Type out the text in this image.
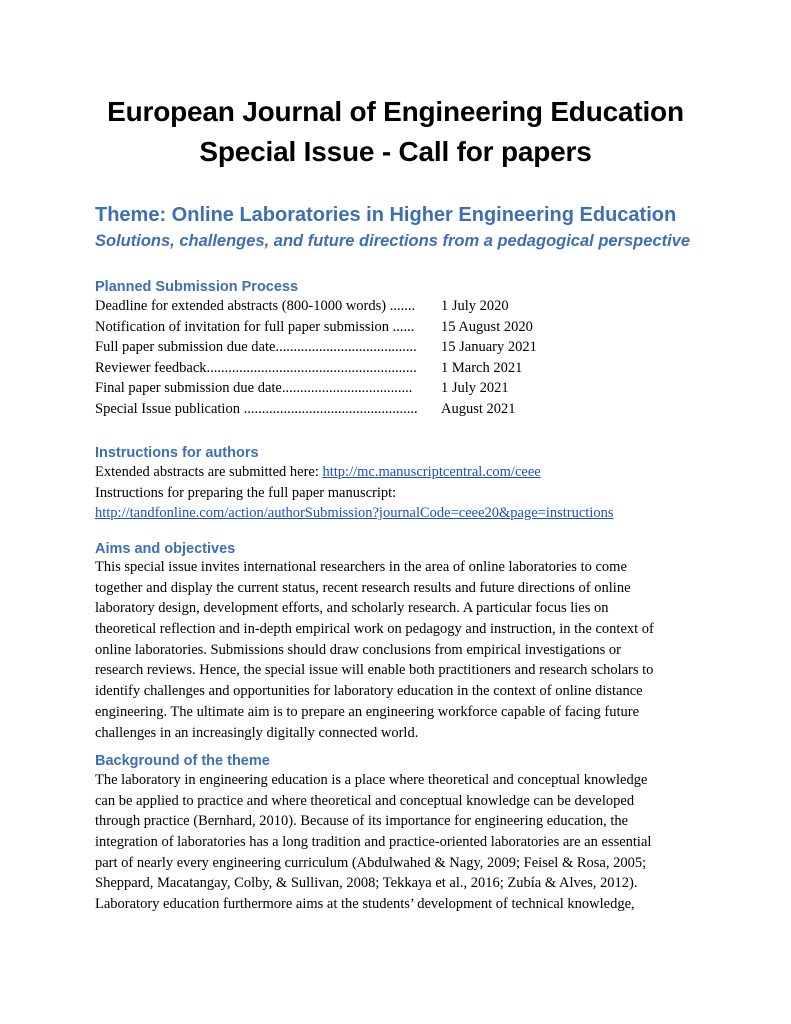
European Journal of Engineering Education
Special Issue - Call for papers
Theme: Online Laboratories in Higher Engineering Education
Solutions, challenges, and future directions from a pedagogical perspective
Planned Submission Process
Deadline for extended abstracts (800-1000 words) ....... 1 July 2020
Notification of invitation for full paper submission ...... 15 August 2020
Full paper submission due date....................................... 15 January 2021
Reviewer feedback.......................................................... 1 March 2021
Final paper submission due date.................................... 1 July 2021
Special Issue publication ................................................ August 2021
Instructions for authors
Extended abstracts are submitted here: http://mc.manuscriptcentral.com/ceee
Instructions for preparing the full paper manuscript:
http://tandfonline.com/action/authorSubmission?journalCode=ceee20&page=instructions
Aims and objectives
This special issue invites international researchers in the area of online laboratories to come
together and display the current status, recent research results and future directions of online
laboratory design, development efforts, and scholarly research. A particular focus lies on
theoretical reflection and in-depth empirical work on pedagogy and instruction, in the context of
online laboratories. Submissions should draw conclusions from empirical investigations or
research reviews. Hence, the special issue will enable both practitioners and research scholars to
identify challenges and opportunities for laboratory education in the context of online distance
engineering. The ultimate aim is to prepare an engineering workforce capable of facing future
challenges in an increasingly digitally connected world.
Background of the theme
The laboratory in engineering education is a place where theoretical and conceptual knowledge
can be applied to practice and where theoretical and conceptual knowledge can be developed
through practice (Bernhard, 2010). Because of its importance for engineering education, the
integration of laboratories has a long tradition and practice-oriented laboratories are an essential
part of nearly every engineering curriculum (Abdulwahed & Nagy, 2009; Feisel & Rosa, 2005;
Sheppard, Macatangay, Colby, & Sullivan, 2008; Tekkaya et al., 2016; Zubía & Alves, 2012).
Laboratory education furthermore aims at the students’ development of technical knowledge,
